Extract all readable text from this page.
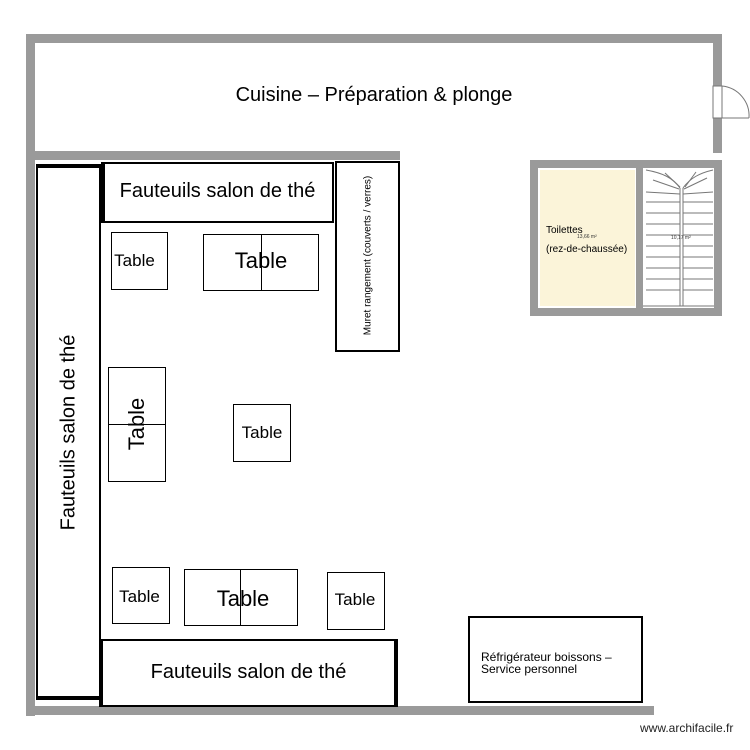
Cuisine – Préparation & plonge
Toilettes
13,66 m²
(rez-de-chaussée)
10,17 m²
Fauteuils salon de thé
Fauteuils salon de thé
Fauteuils salon de thé
Muret rangement (couverts / verres)
Table	Table
Table	Table
Table	Table	Table
Réfrigérateur boissons –
Service personnel
www.archifacile.fr
